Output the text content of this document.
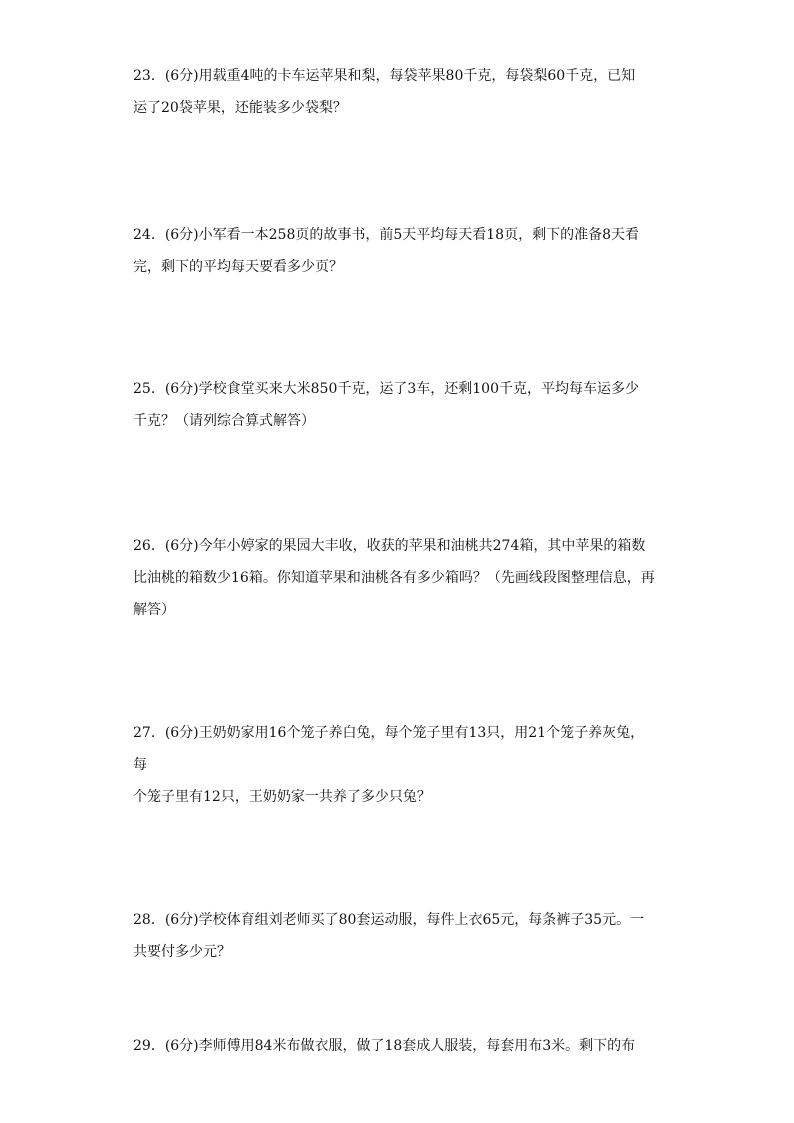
23．(6分)用载重4吨的卡车运苹果和梨，每袋苹果80千克，每袋梨60千克，已知
运了20袋苹果，还能装多少袋梨？
24．(6分)小军看一本258页的故事书，前5天平均每天看18页，剩下的准备8天看
完，剩下的平均每天要看多少页？
25．(6分)学校食堂买来大米850千克，运了3车，还剩100千克，平均每车运多少
千克？（请列综合算式解答）
26．(6分)今年小婷家的果园大丰收，收获的苹果和油桃共274箱，其中苹果的箱数
比油桃的箱数少16箱。你知道苹果和油桃各有多少箱吗？（先画线段图整理信息，再
解答）
27．(6分)王奶奶家用16个笼子养白兔，每个笼子里有13只，用21个笼子养灰兔，
每
个笼子里有12只，王奶奶家一共养了多少只兔？
28．(6分)学校体育组刘老师买了80套运动服，每件上衣65元，每条裤子35元。一
共要付多少元？
29．(6分)李师傅用84米布做衣服，做了18套成人服装，每套用布3米。剩下的布
